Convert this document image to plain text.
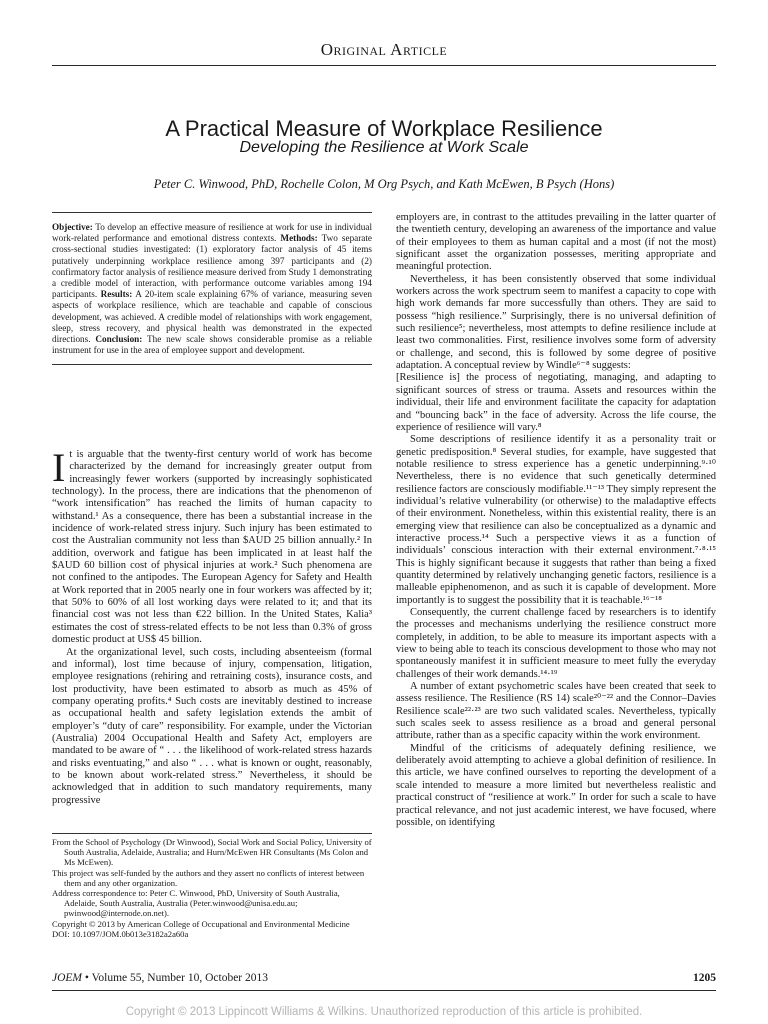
Original Article
A Practical Measure of Workplace Resilience
Developing the Resilience at Work Scale
Peter C. Winwood, PhD, Rochelle Colon, M Org Psych, and Kath McEwen, B Psych (Hons)
Objective: To develop an effective measure of resilience at work for use in individual work-related performance and emotional distress contexts. Methods: Two separate cross-sectional studies investigated: (1) exploratory factor analysis of 45 items putatively underpinning workplace resilience among 397 participants and (2) confirmatory factor analysis of resilience measure derived from Study 1 demonstrating a credible model of interaction, with performance outcome variables among 194 participants. Results: A 20-item scale explaining 67% of variance, measuring seven aspects of workplace resilience, which are teachable and capable of conscious development, was achieved. A credible model of relationships with work engagement, sleep, stress recovery, and physical health was demonstrated in the expected directions. Conclusion: The new scale shows considerable promise as a reliable instrument for use in the area of employee support and development.

It is arguable that the twenty-first century world of work has become characterized by the demand for increasingly greater output from increasingly fewer workers (supported by increasingly sophisticated technology). In the process, there are indications that the phenomenon of “work intensification” has reached the limits of human capacity to withstand.¹ As a consequence, there has been a substantial increase in the incidence of work-related stress injury. Such injury has been estimated to cost the Australian community not less than $AUD 25 billion annually.² In addition, overwork and fatigue has been implicated in at least half the $AUD 60 billion cost of physical injuries at work.² Such phenomena are not confined to the antipodes. The European Agency for Safety and Health at Work reported that in 2005 nearly one in four workers was affected by it; that 50% to 60% of all lost working days were related to it; and that its financial cost was not less than €22 billion. In the United States, Kalia³ estimates the cost of stress-related effects to be not less than 0.3% of gross domestic product at US$ 45 billion.

At the organizational level, such costs, including absenteeism (formal and informal), lost time because of injury, compensation, litigation, employee resignations (rehiring and retraining costs), insurance costs, and lost productivity, have been estimated to absorb as much as 45% of company operating profits.⁴ Such costs are inevitably destined to increase as occupational health and safety legislation extends the ambit of employer’s “duty of care” responsibility. For example, under the Victorian (Australia) 2004 Occupational Health and Safety Act, employers are mandated to be aware of “ . . . the likelihood of work-related stress hazards and risks eventuating,” and also “ . . . what is known or ought, reasonably, to be known about work-related stress.” Nevertheless, it should be acknowledged that in addition to such mandatory requirements, many progressive

From the School of Psychology (Dr Winwood), Social Work and Social Policy, University of South Australia, Adelaide, Australia; and Hurn/McEwen HR Consultants (Ms Colon and Ms McEwen).
This project was self-funded by the authors and they assert no conflicts of interest between them and any other organization.
Address correspondence to: Peter C. Winwood, PhD, University of South Australia, Adelaide, South Australia, Australia (Peter.winwood@unisa.edu.au; pwinwood@internode.on.net).
Copyright © 2013 by American College of Occupational and Environmental Medicine
DOI: 10.1097/JOM.0b013e3182a2a60a

employers are, in contrast to the attitudes prevailing in the latter quarter of the twentieth century, developing an awareness of the importance and value of their employees to them as human capital and a most (if not the most) significant asset the organization possesses, meriting appropriate and meaningful protection.

Nevertheless, it has been consistently observed that some individual workers across the work spectrum seem to manifest a capacity to cope with high work demands far more successfully than others. They are said to possess “high resilience.” Surprisingly, there is no universal definition of such resilience⁵; nevertheless, most attempts to define resilience include at least two commonalities. First, resilience involves some form of adversity or challenge, and second, this is followed by some degree of positive adaptation. A conceptual review by Windle⁶⁻⁸ suggests:

[Resilience is] the process of negotiating, managing, and adapting to significant sources of stress or trauma. Assets and resources within the individual, their life and environment facilitate the capacity for adaptation and “bouncing back” in the face of adversity. Across the life course, the experience of resilience will vary.⁸

Some descriptions of resilience identify it as a personality trait or genetic predisposition.⁸ Several studies, for example, have suggested that notable resilience to stress experience has a genetic underpinning.⁹·¹⁰ Nevertheless, there is no evidence that such genetically determined resilience factors are consciously modifiable.¹¹⁻¹³ They simply represent the individual’s relative vulnerability (or otherwise) to the maladaptive effects of their environment. Nonetheless, within this existential reality, there is an emerging view that resilience can also be conceptualized as a dynamic and interactive process.¹⁴ Such a perspective views it as a function of individuals’ conscious interaction with their external environment.⁷·⁸·¹⁵ This is highly significant because it suggests that rather than being a fixed quantity determined by relatively unchanging genetic factors, resilience is a malleable epiphenomenon, and as such it is capable of development. More importantly is to suggest the possibility that it is teachable.¹⁶⁻¹⁸

Consequently, the current challenge faced by researchers is to identify the processes and mechanisms underlying the resilience construct more completely, in addition, to be able to measure its important aspects with a view to being able to teach its conscious development to those who may not spontaneously manifest it in sufficient measure to meet fully the everyday challenges of their work demands.¹⁴·¹⁹

A number of extant psychometric scales have been created that seek to assess resilience. The Resilience (RS 14) scale²⁰⁻²² and the Connor–Davies Resilience scale²²·²³ are two such validated scales. Nevertheless, typically such scales seek to assess resilience as a broad and general personal attribute, rather than as a specific capacity within the work environment.

Mindful of the criticisms of adequately defining resilience, we deliberately avoid attempting to achieve a global definition of resilience. In this article, we have confined ourselves to reporting the development of a scale intended to measure a more limited but nevertheless realistic and practical construct of “resilience at work.” In order for such a scale to have practical relevance, and not just academic interest, we have focused, where possible, on identifying

JOEM • Volume 55, Number 10, October 2013	1205
Copyright © 2013 Lippincott Williams & Wilkins. Unauthorized reproduction of this article is prohibited.
